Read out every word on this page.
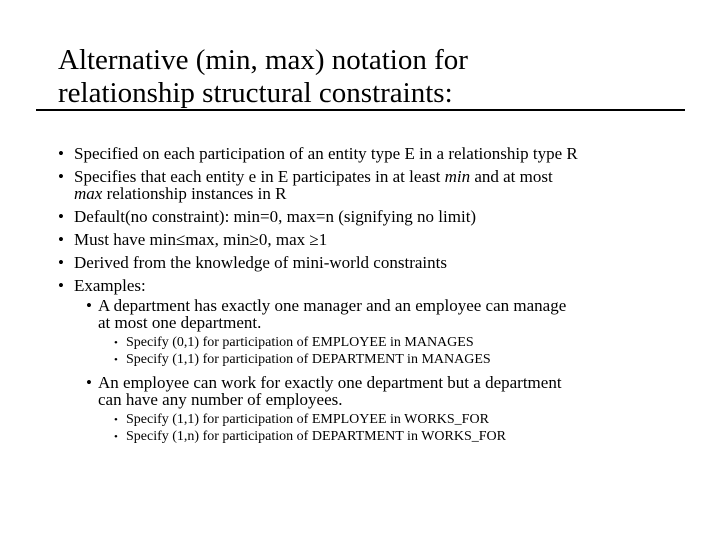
Alternative (min, max) notation for
relationship structural constraints:
• Specified on each participation of an entity type E in a relationship type R
• Specifies that each entity e in E participates in at least min and at most
max relationship instances in R
• Default(no constraint): min=0, max=n (signifying no limit)
• Must have min≤max, min≥0, max ≥1
• Derived from the knowledge of mini-world constraints
• Examples:
• A department has exactly one manager and an employee can manage
at most one department.
• Specify (0,1) for participation of EMPLOYEE in MANAGES
• Specify (1,1) for participation of DEPARTMENT in MANAGES
• An employee can work for exactly one department but a department
can have any number of employees.
• Specify (1,1) for participation of EMPLOYEE in WORKS_FOR
• Specify (1,n) for participation of DEPARTMENT in WORKS_FOR
